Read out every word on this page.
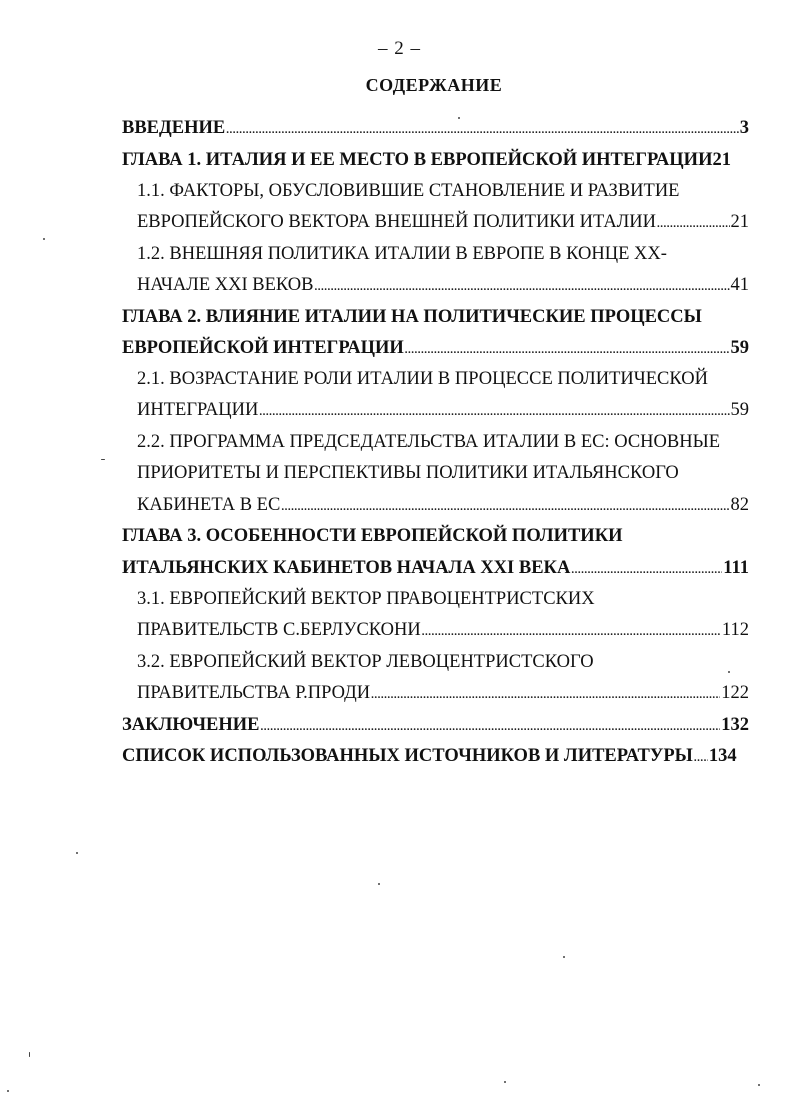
– 2 –
СОДЕРЖАНИЕ
ВВЕДЕНИЕ .....	3
ГЛАВА 1. ИТАЛИЯ И ЕЕ МЕСТО В ЕВРОПЕЙСКОЙ ИНТЕГРАЦИИ 21
1.1. ФАКТОРЫ, ОБУСЛОВИВШИЕ СТАНОВЛЕНИЕ И РАЗВИТИЕ
ЕВРОПЕЙСКОГО ВЕКТОРА ВНЕШНЕЙ ПОЛИТИКИ ИТАЛИИ .....	21
1.2. ВНЕШНЯЯ ПОЛИТИКА ИТАЛИИ В ЕВРОПЕ В КОНЦЕ XX-
НАЧАЛЕ XXI ВЕКОВ .....	41
ГЛАВА 2. ВЛИЯНИЕ ИТАЛИИ НА ПОЛИТИЧЕСКИЕ ПРОЦЕССЫ
ЕВРОПЕЙСКОЙ ИНТЕГРАЦИИ .....	59
2.1. ВОЗРАСТАНИЕ РОЛИ ИТАЛИИ В ПРОЦЕССЕ ПОЛИТИЧЕСКОЙ
ИНТЕГРАЦИИ .....	59
2.2. ПРОГРАММА ПРЕДСЕДАТЕЛЬСТВА ИТАЛИИ В ЕС: ОСНОВНЫЕ
ПРИОРИТЕТЫ И ПЕРСПЕКТИВЫ ПОЛИТИКИ ИТАЛЬЯНСКОГО
КАБИНЕТА В ЕС .....	82
ГЛАВА 3. ОСОБЕННОСТИ ЕВРОПЕЙСКОЙ ПОЛИТИКИ
ИТАЛЬЯНСКИХ КАБИНЕТОВ НАЧАЛА XXI ВЕКА .....	111
3.1. ЕВРОПЕЙСКИЙ ВЕКТОР ПРАВОЦЕНТРИСТСКИХ
ПРАВИТЕЛЬСТВ С.БЕРЛУСКОНИ .....	112
3.2. ЕВРОПЕЙСКИЙ ВЕКТОР ЛЕВОЦЕНТРИСТСКОГО
ПРАВИТЕЛЬСТВА Р.ПРОДИ .....	122
ЗАКЛЮЧЕНИЕ .....	132
СПИСОК ИСПОЛЬЗОВАННЫХ ИСТОЧНИКОВ И ЛИТЕРАТУРЫ ..... 134
